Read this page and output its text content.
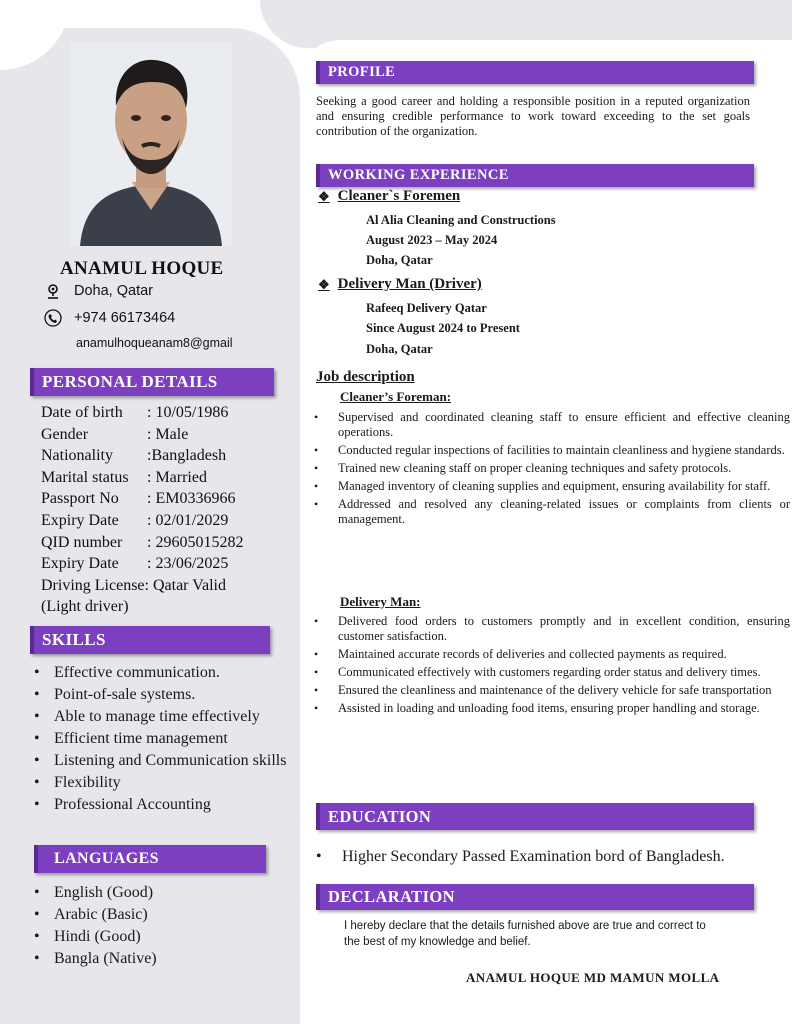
ANAMUL HOQUE
Doha, Qatar
+974 66173464
anamulhoqueanam8@gmail
PERSONAL DETAILS
Date of birth	: 10/05/1986
Gender	: Male
Nationality	:Bangladesh
Marital status	: Married
Passport No	: EM0336966
Expiry Date	: 02/01/2029
QID number	: 29605015282
Expiry Date	: 23/06/2025
Driving License: Qatar Valid
(Light driver)
SKILLS
• Effective communication.
• Point-of-sale systems.
• Able to manage time effectively
• Efficient time management
• Listening and Communication skills
• Flexibility
• Professional Accounting
LANGUAGES
• English (Good)
• Arabic (Basic)
• Hindi (Good)
• Bangla (Native)
PROFILE
Seeking a good career and holding a responsible position in a reputed organization and ensuring credible performance to work toward exceeding to the set goals contribution of the organization.
WORKING EXPERIENCE
❖ Cleaner`s Foremen
Al Alia Cleaning and Constructions
August 2023 – May 2024
Doha, Qatar
❖ Delivery Man (Driver)
Rafeeq Delivery Qatar
Since August 2024 to Present
Doha, Qatar
Job description
Cleaner’s Foreman:
• Supervised and coordinated cleaning staff to ensure efficient and effective cleaning operations.
• Conducted regular inspections of facilities to maintain cleanliness and hygiene standards.
• Trained new cleaning staff on proper cleaning techniques and safety protocols.
• Managed inventory of cleaning supplies and equipment, ensuring availability for staff.
• Addressed and resolved any cleaning-related issues or complaints from clients or management.
Delivery Man:
• Delivered food orders to customers promptly and in excellent condition, ensuring customer satisfaction.
• Maintained accurate records of deliveries and collected payments as required.
• Communicated effectively with customers regarding order status and delivery times.
• Ensured the cleanliness and maintenance of the delivery vehicle for safe transportation
• Assisted in loading and unloading food items, ensuring proper handling and storage.
EDUCATION
•	Higher Secondary Passed Examination bord of Bangladesh.
DECLARATION
I hereby declare that the details furnished above are true and correct to the best of my knowledge and belief.
ANAMUL HOQUE MD MAMUN MOLLA
